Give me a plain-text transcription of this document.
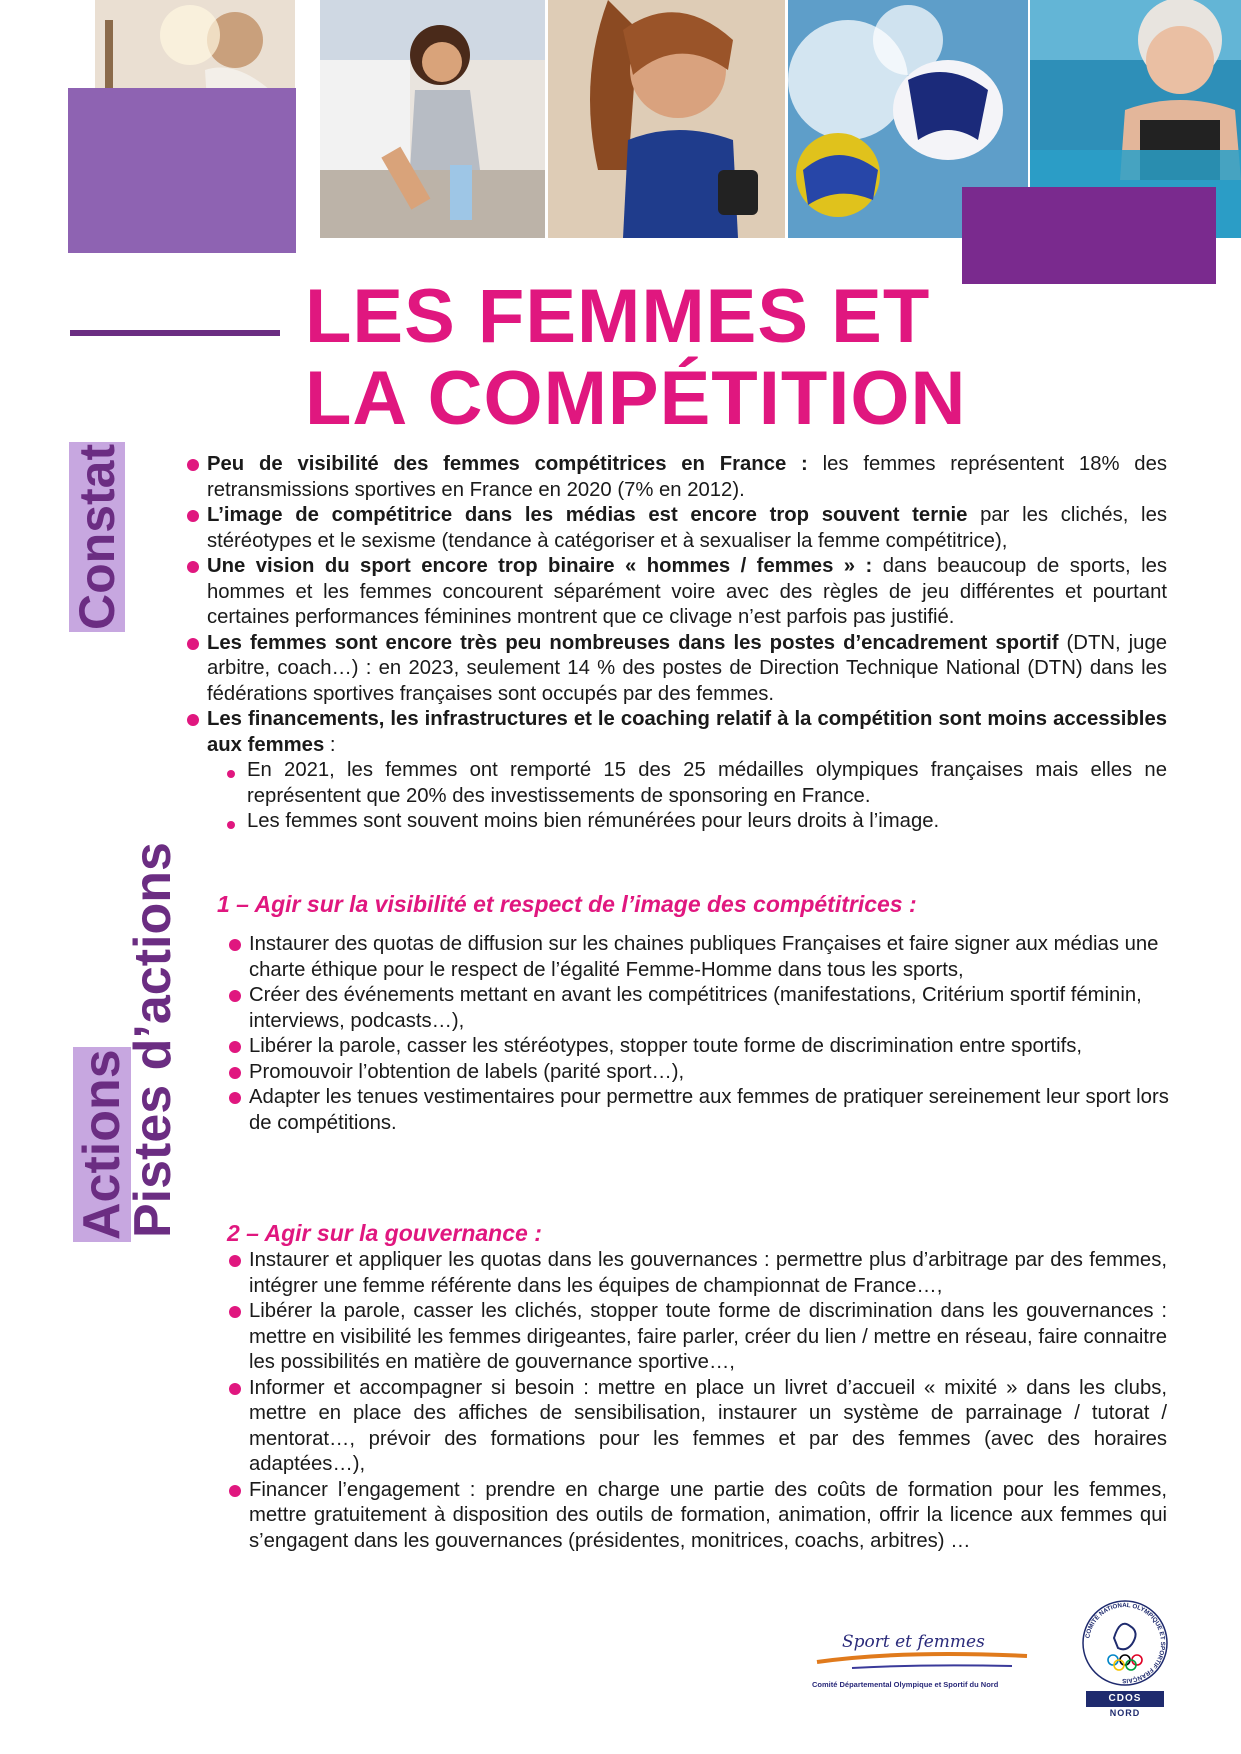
LES FEMMES ET
LA COMPÉTITION
Constat
Actions
Pistes d’actions
Peu de visibilité des femmes compétitrices en France : les femmes représentent 18% des retransmissions sportives en France en 2020 (7% en 2012).
L’image de compétitrice dans les médias est encore trop souvent ternie par les clichés, les stéréotypes et le sexisme (tendance à catégoriser et à sexualiser la femme compétitrice),
Une vision du sport encore trop binaire « hommes / femmes » : dans beaucoup de sports, les hommes et les femmes concourent séparément voire avec des règles de jeu différentes et pourtant certaines performances féminines montrent que ce clivage n’est parfois pas justifié.
Les femmes sont encore très peu nombreuses dans les postes d’encadrement sportif (DTN, juge arbitre, coach…) : en 2023, seulement 14 % des postes de Direction Technique National (DTN) dans les fédérations sportives françaises sont occupés par des femmes.
Les financements, les infrastructures et le coaching relatif à la compétition sont moins accessibles aux femmes :
En 2021, les femmes ont remporté 15 des 25 médailles olympiques françaises mais elles ne représentent que 20% des investissements de sponsoring en France.
Les femmes sont souvent moins bien rémunérées pour leurs droits à l’image.
1 – Agir sur la visibilité et respect de l’image des compétitrices :
Instaurer des quotas de diffusion sur les chaines publiques Françaises et faire signer aux médias une charte éthique pour le respect de l’égalité Femme-Homme dans tous les sports,
Créer des événements mettant en avant les compétitrices (manifestations, Critérium sportif féminin, interviews, podcasts…),
Libérer la parole, casser les stéréotypes, stopper toute forme de discrimination entre sportifs,
Promouvoir l’obtention de labels (parité sport…),
Adapter les tenues vestimentaires pour permettre aux femmes de pratiquer sereinement leur sport lors de compétitions.
2 – Agir sur la gouvernance :
Instaurer et appliquer les quotas dans les gouvernances : permettre plus d’arbitrage par des femmes, intégrer une femme référente dans les équipes de championnat de France…,
Libérer la parole, casser les clichés, stopper toute forme de discrimination dans les gouvernances : mettre en visibilité les femmes dirigeantes, faire parler, créer du lien / mettre en réseau, faire connaitre les possibilités en matière de gouvernance sportive…,
Informer et accompagner si besoin : mettre en place un livret d’accueil « mixité » dans les clubs, mettre en place des affiches de sensibilisation, instaurer un système de parrainage / tutorat / mentorat…, prévoir des formations pour les femmes et par des femmes (avec des horaires adaptées…),
Financer l’engagement : prendre en charge une partie des coûts de formation pour les femmes, mettre gratuitement à disposition des outils de formation, animation, offrir la licence aux femmes qui s’engagent dans les gouvernances (présidentes, monitrices, coachs, arbitres) …
Sport et femmes
Comité Départemental Olympique et Sportif du Nord
COMITÉ NATIONAL OLYMPIQUE ET SPORTIF FRANÇAIS
CDOS
NORD
